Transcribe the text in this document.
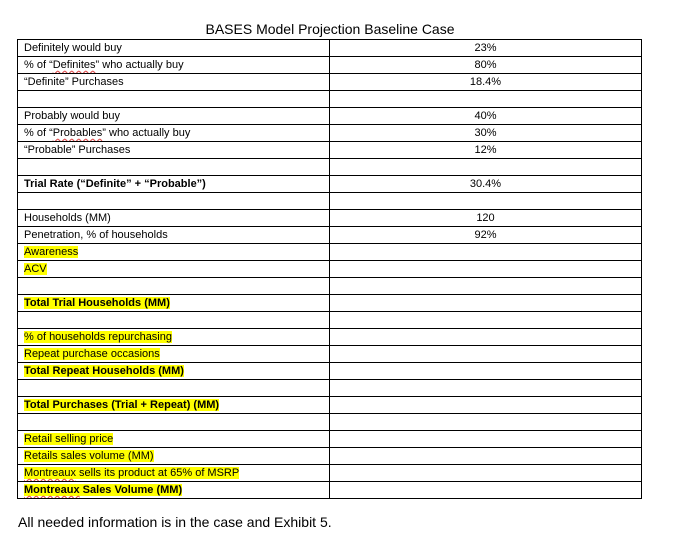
BASES Model Projection Baseline Case
Definitely would buy	23%
% of “Definites” who actually buy	80%
“Definite” Purchases	18.4%

Probably would buy	40%
% of “Probables” who actually buy	30%
“Probable” Purchases	12%

Trial Rate (“Definite” + “Probable”)	30.4%

Households (MM)	120
Penetration, % of households	92%
Awareness	
ACV	

Total Trial Households (MM)	

% of households repurchasing	
Repeat purchase occasions	
Total Repeat Households (MM)	

Total Purchases (Trial + Repeat) (MM)	

Retail selling price	
Retails sales volume (MM)	
Montreaux sells its product at 65% of MSRP	
Montreaux Sales Volume (MM)	
All needed information is in the case and Exhibit 5.
